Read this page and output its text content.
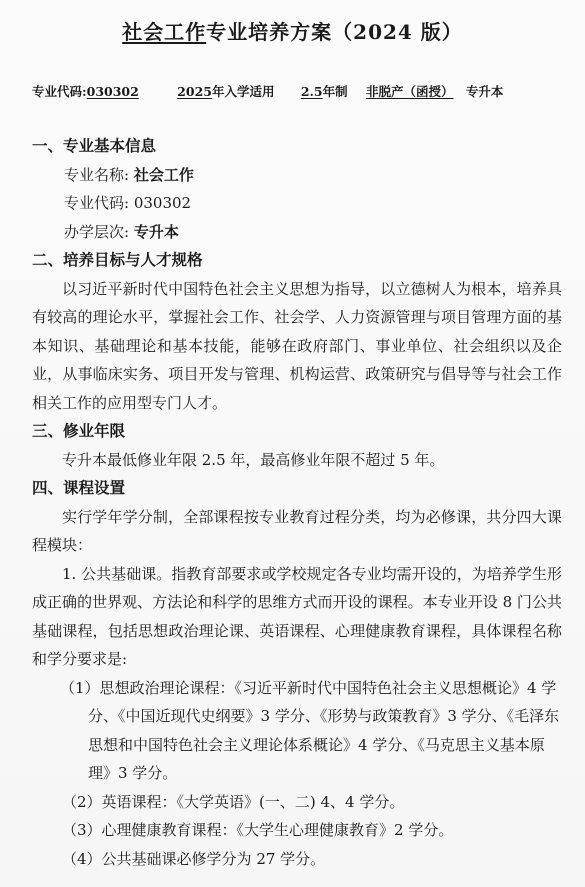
社会工作专业培养方案（2024 版）
专业代码:030302	2025年入学适用 2.5年制 非脱产（函授） 专升本
一、专业基本信息
专业名称: 社会工作
专业代码: 030302
办学层次: 专升本
二、培养目标与人才规格

以习近平新时代中国特色社会主义思想为指导，以立德树人为根本，培养具有较高的理论水平，掌握社会工作、社会学、人力资源管理与项目管理方面的基本知识、基础理论和基本技能，能够在政府部门、事业单位、社会组织以及企业，从事临床实务、项目开发与管理、机构运营、政策研究与倡导等与社会工作相关工作的应用型专门人才。

三、修业年限

专升本最低修业年限 2.5 年，最高修业年限不超过 5 年。

四、课程设置

实行学年学分制，全部课程按专业教育过程分类，均为必修课，共分四大课程模块：

1. 公共基础课。指教育部要求或学校规定各专业均需开设的，为培养学生形成正确的世界观、方法论和科学的思维方式而开设的课程。本专业开设 8 门公共基础课程，包括思想政治理论课、英语课程、心理健康教育课程，具体课程名称和学分要求是:

（1）思想政治理论课程：《习近平新时代中国特色社会主义思想概论》4 学分、《中国近现代史纲要》3 学分、《形势与政策教育》3 学分、《毛泽东思想和中国特色社会主义理论体系概论》4 学分、《马克思主义基本原理》3 学分。

（2）英语课程：《大学英语》(一、二) 4、4 学分。

（3）心理健康教育课程：《大学生心理健康教育》2 学分。

（4）公共基础课必修学分为 27 学分。
